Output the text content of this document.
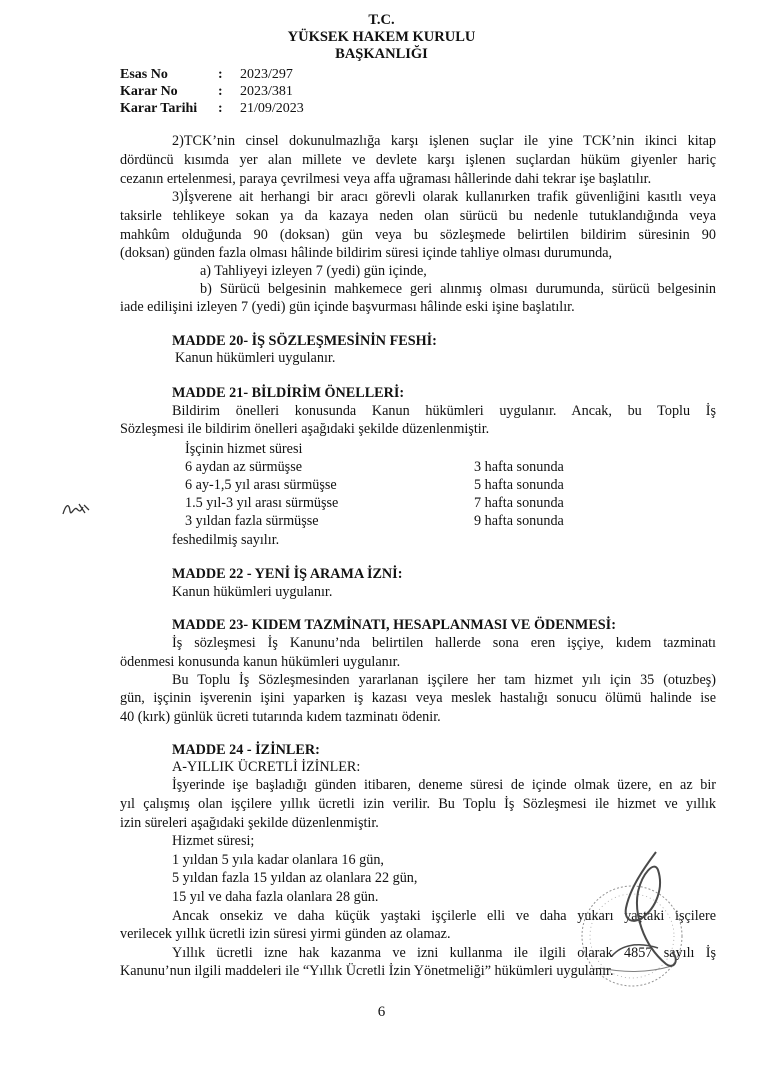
T.C.
YÜKSEK HAKEM KURULU
BAŞKANLIĞI
Esas No	:	2023/297
Karar No	:	2023/381
Karar Tarihi	:	21/09/2023
2)TCK’nin cinsel dokunulmazlığa karşı işlenen suçlar ile yine TCK’nin ikinci kitap
dördüncü kısımda yer alan millete ve devlete karşı işlenen suçlardan hüküm giyenler hariç
cezanın ertelenmesi, paraya çevrilmesi veya affa uğraması hâllerinde dahi tekrar işe başlatılır.
3)İşverene ait herhangi bir aracı görevli olarak kullanırken trafik güvenliğini kasıtlı veya
taksirle tehlikeye sokan ya da kazaya neden olan sürücü bu nedenle tutuklandığında veya
mahkûm olduğunda 90 (doksan) gün veya bu sözleşmede belirtilen bildirim süresinin 90
(doksan) günden fazla olması hâlinde bildirim süresi içinde tahliye olması durumunda,
a) Tahliyeyi izleyen 7 (yedi) gün içinde,
b) Sürücü belgesinin mahkemece geri alınmış olması durumunda, sürücü belgesinin
iade edilişini izleyen 7 (yedi) gün içinde başvurması hâlinde eski işine başlatılır.
MADDE 20- İŞ SÖZLEŞMESİNİN FESHİ:
Kanun hükümleri uygulanır.
MADDE 21- BİLDİRİM ÖNELLERİ:
Bildirim önelleri konusunda Kanun hükümleri uygulanır. Ancak, bu Toplu İş
Sözleşmesi ile bildirim önelleri aşağıdaki şekilde düzenlenmiştir.
İşçinin hizmet süresi
6 aydan az sürmüşse	3 hafta sonunda
6 ay-1,5 yıl arası sürmüşse	5 hafta sonunda
1.5 yıl-3 yıl arası sürmüşse	7 hafta sonunda
3 yıldan fazla sürmüşse	9 hafta sonunda
feshedilmiş sayılır.
MADDE 22 - YENİ İŞ ARAMA İZNİ:
Kanun hükümleri uygulanır.
MADDE 23- KIDEM TAZMİNATI, HESAPLANMASI VE ÖDENMESİ:
İş sözleşmesi İş Kanunu’nda belirtilen hallerde sona eren işçiye, kıdem tazminatı
ödenmesi konusunda kanun hükümleri uygulanır.
Bu Toplu İş Sözleşmesinden yararlanan işçilere her tam hizmet yılı için 35 (otuzbeş)
gün, işçinin işverenin işini yaparken iş kazası veya meslek hastalığı sonucu ölümü halinde ise
40 (kırk) günlük ücreti tutarında kıdem tazminatı ödenir.
MADDE 24 - İZİNLER:
A-YILLIK ÜCRETLİ İZİNLER:
İşyerinde işe başladığı günden itibaren, deneme süresi de içinde olmak üzere, en az bir
yıl çalışmış olan işçilere yıllık ücretli izin verilir. Bu Toplu İş Sözleşmesi ile hizmet ve yıllık
izin süreleri aşağıdaki şekilde düzenlenmiştir.
Hizmet süresi;
1 yıldan 5 yıla kadar olanlara 16 gün,
5 yıldan fazla 15 yıldan az olanlara 22 gün,
15 yıl ve daha fazla olanlara 28 gün.
Ancak onsekiz ve daha küçük yaştaki işçilerle elli ve daha yukarı yaştaki işçilere
verilecek yıllık ücretli izin süresi yirmi günden az olamaz.
Yıllık ücretli izne hak kazanma ve izni kullanma ile ilgili olarak 4857 sayılı İş
Kanunu’nun ilgili maddeleri ile “Yıllık Ücretli İzin Yönetmeliği” hükümleri uygulanır.
6
